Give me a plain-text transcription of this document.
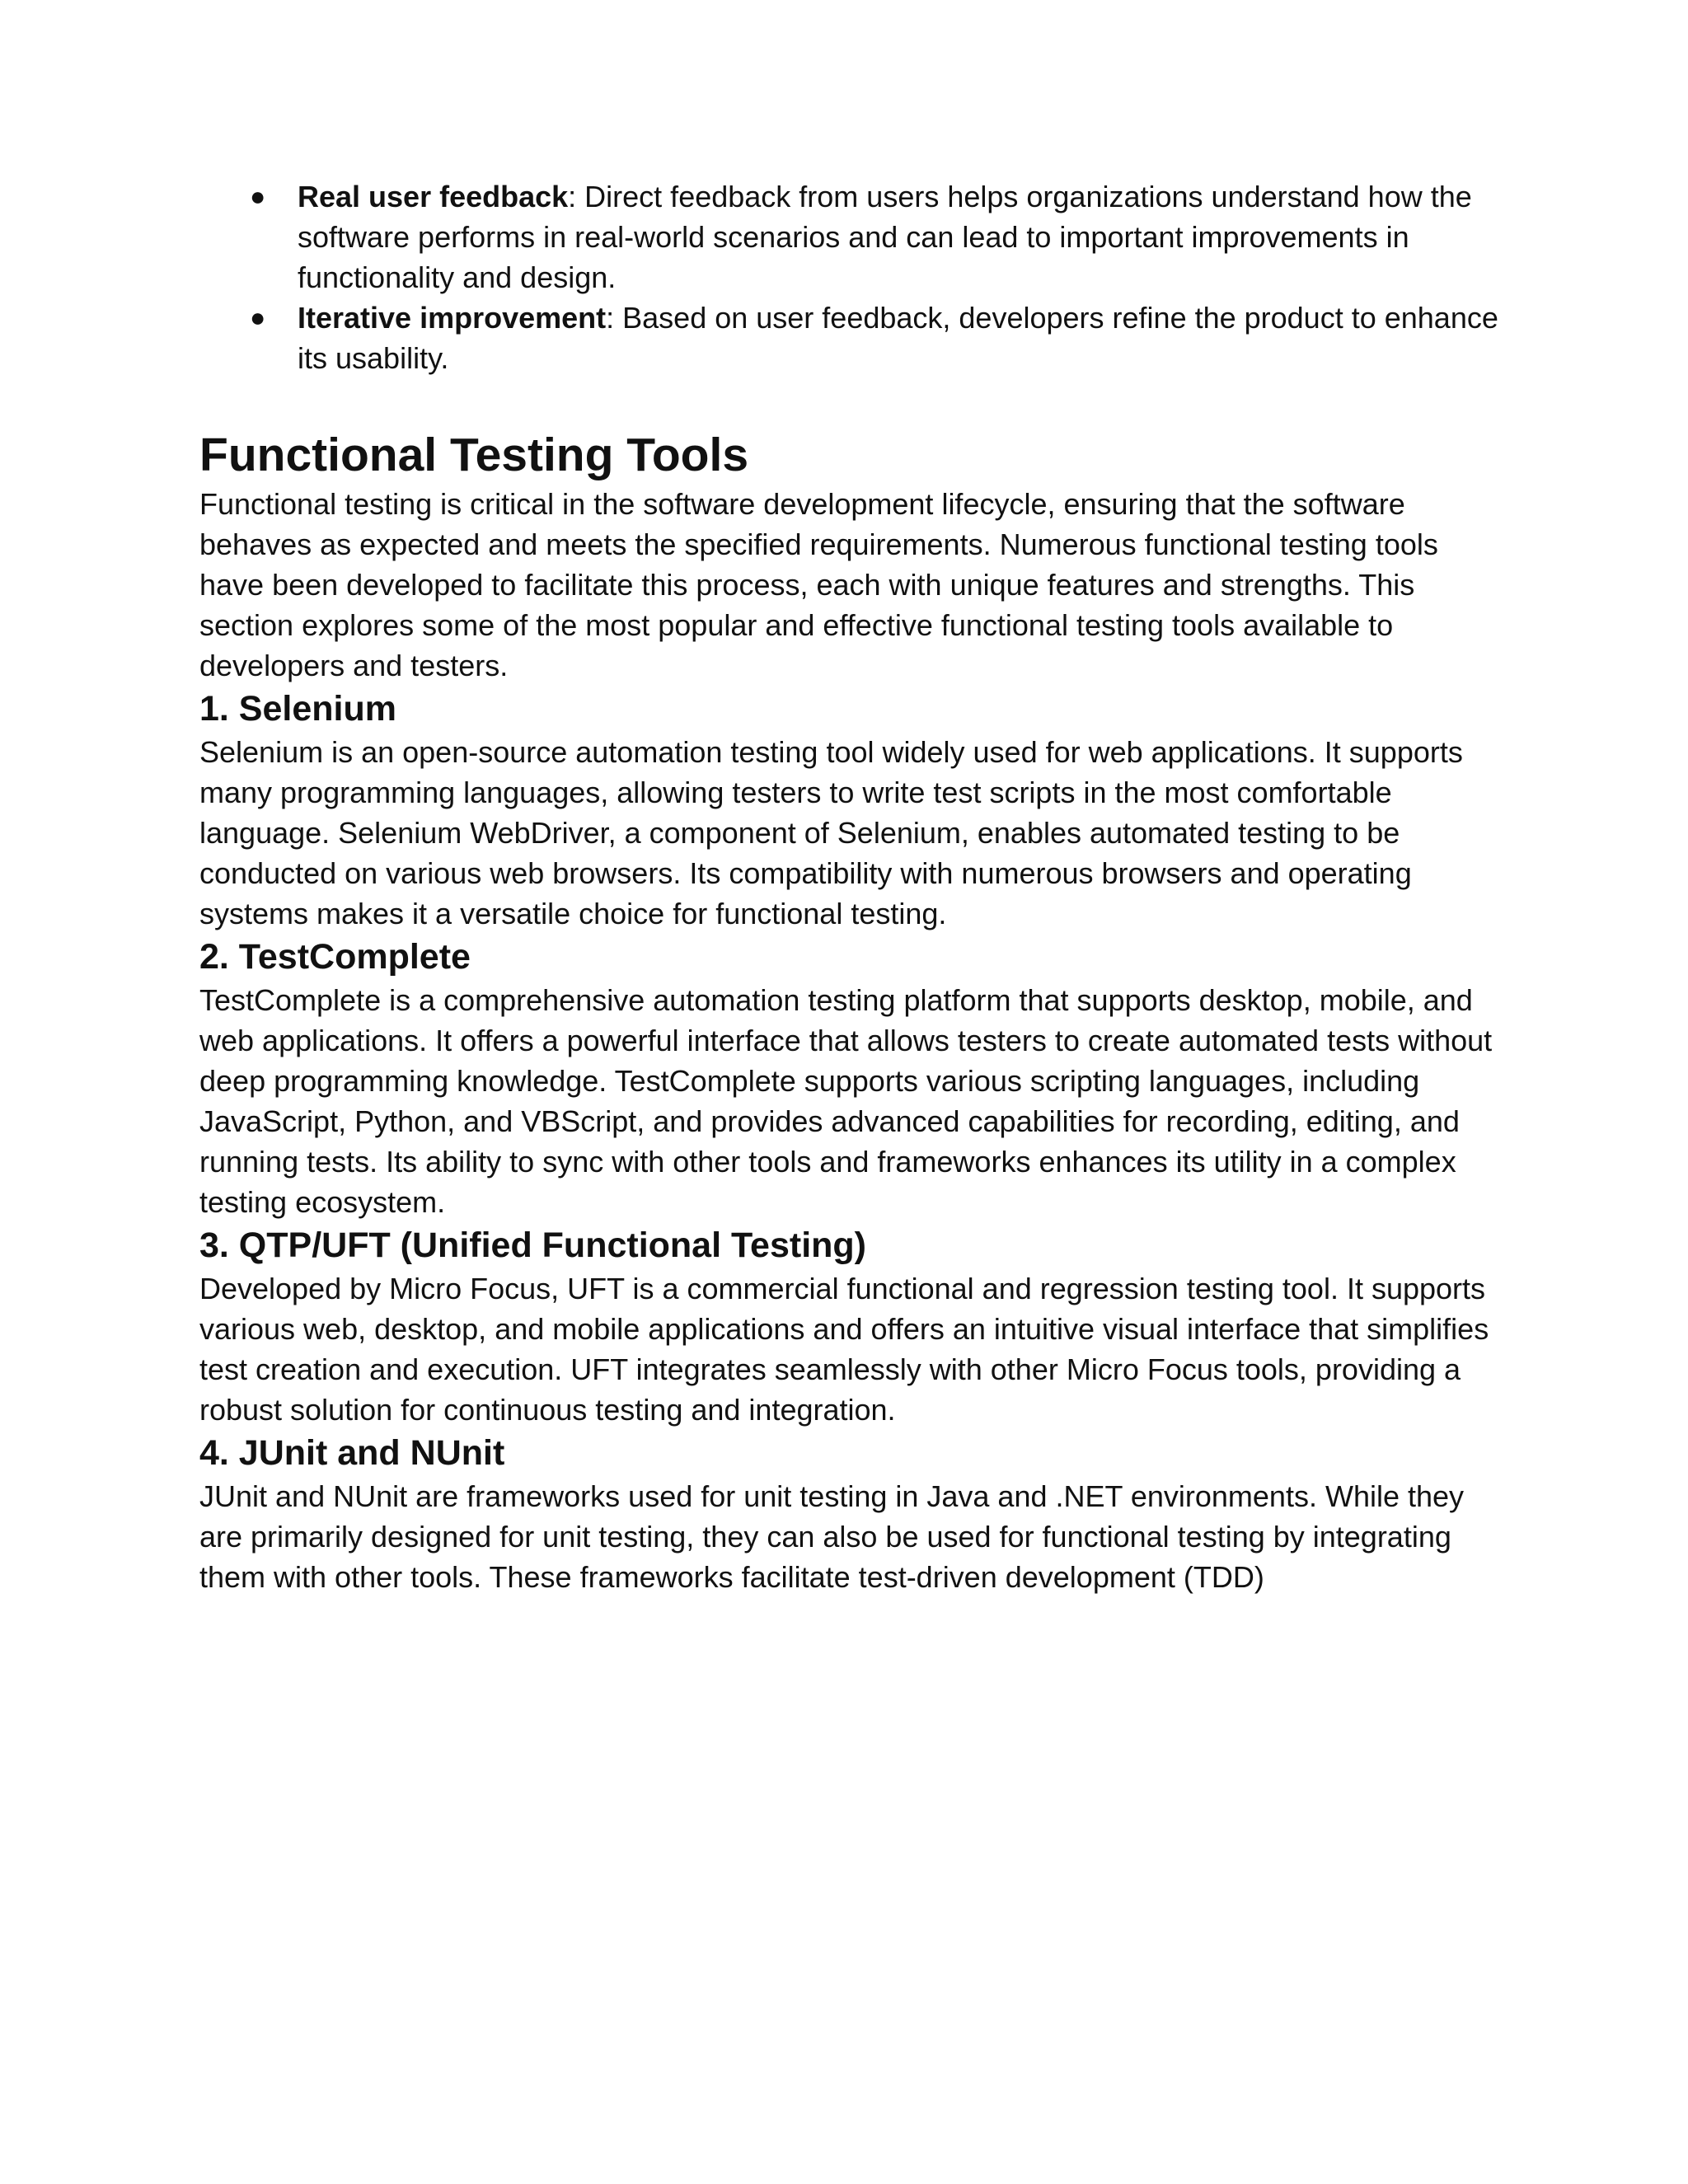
● Real user feedback: Direct feedback from users helps organizations understand how the software performs in real-world scenarios and can lead to important improvements in functionality and design.
● Iterative improvement: Based on user feedback, developers refine the product to enhance its usability.
Functional Testing Tools

Functional testing is critical in the software development lifecycle, ensuring that the software behaves as expected and meets the specified requirements. Numerous functional testing tools have been developed to facilitate this process, each with unique features and strengths. This section explores some of the most popular and effective functional testing tools available to developers and testers.

1. Selenium

Selenium is an open-source automation testing tool widely used for web applications. It supports many programming languages, allowing testers to write test scripts in the most comfortable language. Selenium WebDriver, a component of Selenium, enables automated testing to be conducted on various web browsers. Its compatibility with numerous browsers and operating systems makes it a versatile choice for functional testing.

2. TestComplete

TestComplete is a comprehensive automation testing platform that supports desktop, mobile, and web applications. It offers a powerful interface that allows testers to create automated tests without deep programming knowledge. TestComplete supports various scripting languages, including JavaScript, Python, and VBScript, and provides advanced capabilities for recording, editing, and running tests. Its ability to sync with other tools and frameworks enhances its utility in a complex testing ecosystem.

3. QTP/UFT (Unified Functional Testing)

Developed by Micro Focus, UFT is a commercial functional and regression testing tool. It supports various web, desktop, and mobile applications and offers an intuitive visual interface that simplifies test creation and execution. UFT integrates seamlessly with other Micro Focus tools, providing a robust solution for continuous testing and integration.

4. JUnit and NUnit

JUnit and NUnit are frameworks used for unit testing in Java and .NET environments. While they are primarily designed for unit testing, they can also be used for functional testing by integrating them with other tools. These frameworks facilitate test-driven development (TDD)
